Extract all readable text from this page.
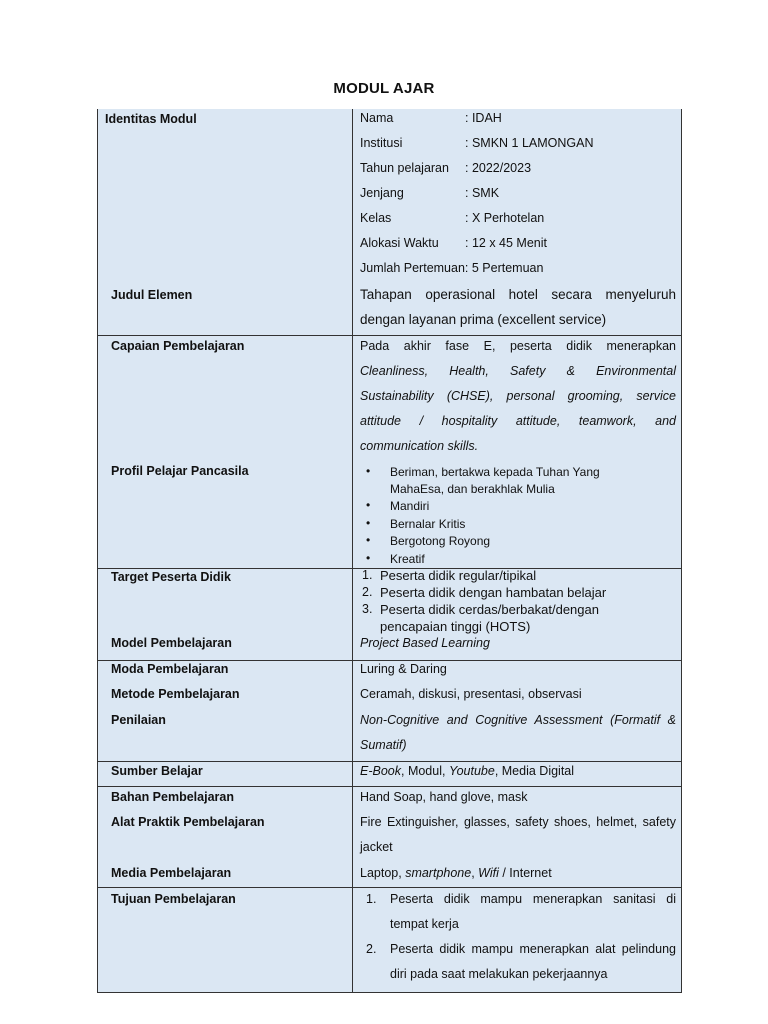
MODUL AJAR
Identitas Modul	Nama	: IDAH
Institusi	: SMKN 1 LAMONGAN
Tahun pelajaran : 2022/2023
Jenjang	: SMK
Kelas	: X Perhotelan
Alokasi Waktu : 12 x 45 Menit
Jumlah Pertemuan: 5 Pertemuan
Judul Elemen	Tahapan operasional hotel secara menyeluruh
dengan layanan prima (excellent service)
Capaian Pembelajaran	Pada akhir fase E, peserta didik menerapkan
Cleanliness, Health, Safety & Environmental
Sustainability (CHSE), personal grooming, service
attitude / hospitality attitude, teamwork, and
communication skills.
Profil Pelajar Pancasila	• Beriman, bertakwa kepada Tuhan Yang
MahaEsa, dan berakhlak Mulia
• Mandiri
• Bernalar Kritis
• Bergotong Royong
• Kreatif
Target Peserta Didik	1. Peserta didik regular/tipikal
2. Peserta didik dengan hambatan belajar
3. Peserta didik cerdas/berbakat/dengan
pencapaian tinggi (HOTS)
Model Pembelajaran	Project Based Learning
Moda Pembelajaran	Luring & Daring
Metode Pembelajaran	Ceramah, diskusi, presentasi, observasi
Penilaian	Non-Cognitive and Cognitive Assessment (Formatif &
Sumatif)
Sumber Belajar	E-Book, Modul, Youtube, Media Digital
Bahan Pembelajaran	Hand Soap, hand glove, mask
Alat Praktik Pembelajaran	Fire Extinguisher, glasses, safety shoes, helmet, safety
jacket
Media Pembelajaran	Laptop, smartphone, Wifi / Internet
Tujuan Pembelajaran	1. Peserta didik mampu menerapkan sanitasi di
tempat kerja
2. Peserta didik mampu menerapkan alat pelindung
diri pada saat melakukan pekerjaannya
